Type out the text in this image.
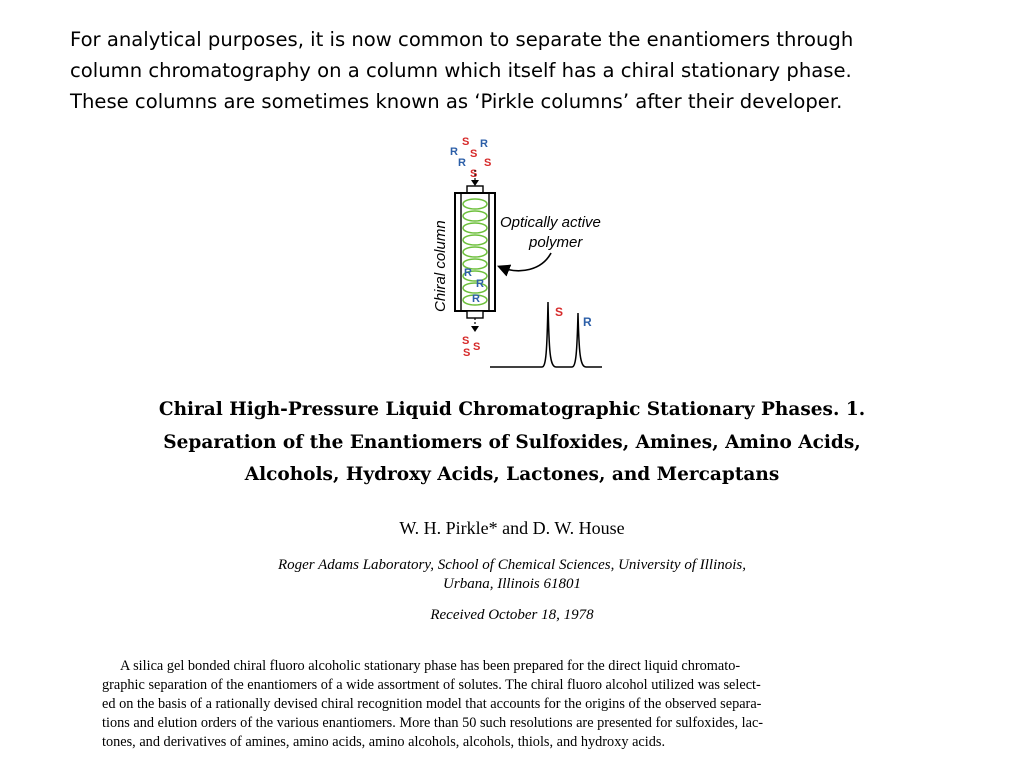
For analytical purposes, it is now common to separate the enantiomers through
column chromatography on a column which itself has a chiral stationary phase.
These columns are sometimes known as ‘Pirkle columns’ after their developer.
S R
R S
R S
S
R
R
R
Chiral column	Optically active
polymer
S S
S
S
R
Chiral High-Pressure Liquid Chromatographic Stationary Phases. 1.
Separation of the Enantiomers of Sulfoxides, Amines, Amino Acids,
Alcohols, Hydroxy Acids, Lactones, and Mercaptans

W. H. Pirkle* and D. W. House

Roger Adams Laboratory, School of Chemical Sciences, University of Illinois,
Urbana, Illinois 61801

Received October 18, 1978

A silica gel bonded chiral fluoro alcoholic stationary phase has been prepared for the direct liquid chromato-
graphic separation of the enantiomers of a wide assortment of solutes. The chiral fluoro alcohol utilized was select-
ed on the basis of a rationally devised chiral recognition model that accounts for the origins of the observed separa-
tions and elution orders of the various enantiomers. More than 50 such resolutions are presented for sulfoxides, lac-
tones, and derivatives of amines, amino acids, amino alcohols, alcohols, thiols, and hydroxy acids.
